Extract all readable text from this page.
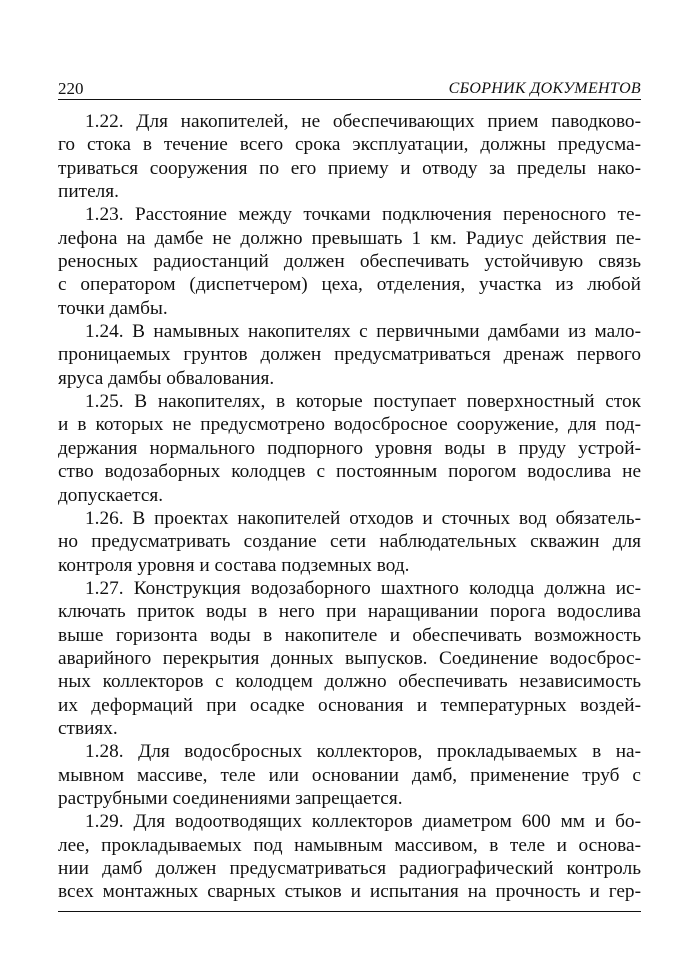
220	СБОРНИК ДОКУМЕНТОВ
1.22. Для накопителей, не обеспечивающих прием паводково-
го стока в течение всего срока эксплуатации, должны предусма-
триваться сооружения по его приему и отводу за пределы нако-
пителя.
1.23. Расстояние между точками подключения переносного те-
лефона на дамбе не должно превышать 1 км. Радиус действия пе-
реносных радиостанций должен обеспечивать устойчивую связь
с оператором (диспетчером) цеха, отделения, участка из любой
точки дамбы.
1.24. В намывных накопителях с первичными дамбами из мало-
проницаемых грунтов должен предусматриваться дренаж первого
яруса дамбы обвалования.
1.25. В накопителях, в которые поступает поверхностный сток
и в которых не предусмотрено водосбросное сооружение, для под-
держания нормального подпорного уровня воды в пруду устрой-
ство водозаборных колодцев с постоянным порогом водослива не
допускается.
1.26. В проектах накопителей отходов и сточных вод обязатель-
но предусматривать создание сети наблюдательных скважин для
контроля уровня и состава подземных вод.
1.27. Конструкция водозаборного шахтного колодца должна ис-
ключать приток воды в него при наращивании порога водослива
выше горизонта воды в накопителе и обеспечивать возможность
аварийного перекрытия донных выпусков. Соединение водосброс-
ных коллекторов с колодцем должно обеспечивать независимость
их деформаций при осадке основания и температурных воздей-
ствиях.
1.28. Для водосбросных коллекторов, прокладываемых в на-
мывном массиве, теле или основании дамб, применение труб с
раструбными соединениями запрещается.
1.29. Для водоотводящих коллекторов диаметром 600 мм и бо-
лее, прокладываемых под намывным массивом, в теле и основа-
нии дамб должен предусматриваться радиографический контроль
всех монтажных сварных стыков и испытания на прочность и гер-
